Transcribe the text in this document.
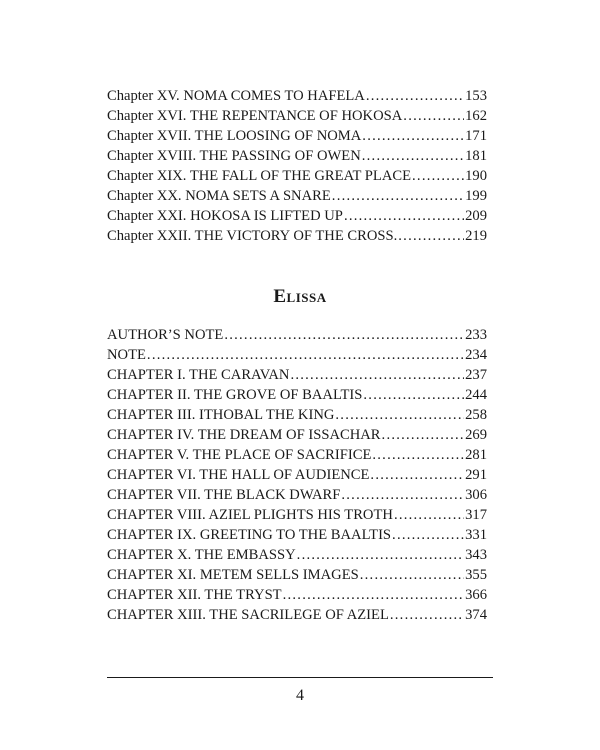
Chapter XV. NOMA COMES TO HAFELA . . .	153
Chapter XVI. THE REPENTANCE OF HOKOSA . . .	162
Chapter XVII. THE LOOSING OF NOMA . . .	171
Chapter XVIII. THE PASSING OF OWEN . . .	181
Chapter XIX. THE FALL OF THE GREAT PLACE . . .	190
Chapter XX. NOMA SETS A SNARE . . .	199
Chapter XXI. HOKOSA IS LIFTED UP . . .	209
Chapter XXII. THE VICTORY OF THE CROSS. . . .	219
Elissa
AUTHOR’S NOTE . . .	233
NOTE . . .	234
CHAPTER I. THE CARAVAN . . .	237
CHAPTER II. THE GROVE OF BAALTIS . . .	244
CHAPTER III. ITHOBAL THE KING . . .	258
CHAPTER IV. THE DREAM OF ISSACHAR . . .	269
CHAPTER V. THE PLACE OF SACRIFICE . . .	281
CHAPTER VI. THE HALL OF AUDIENCE . . .	291
CHAPTER VII. THE BLACK DWARF . . .	306
CHAPTER VIII. AZIEL PLIGHTS HIS TROTH . . .	317
CHAPTER IX. GREETING TO THE BAALTIS . . .	331
CHAPTER X. THE EMBASSY . . .	343
CHAPTER XI. METEM SELLS IMAGES . . .	355
CHAPTER XII. THE TRYST . . .	366
CHAPTER XIII. THE SACRILEGE OF AZIEL . . .	374
4
